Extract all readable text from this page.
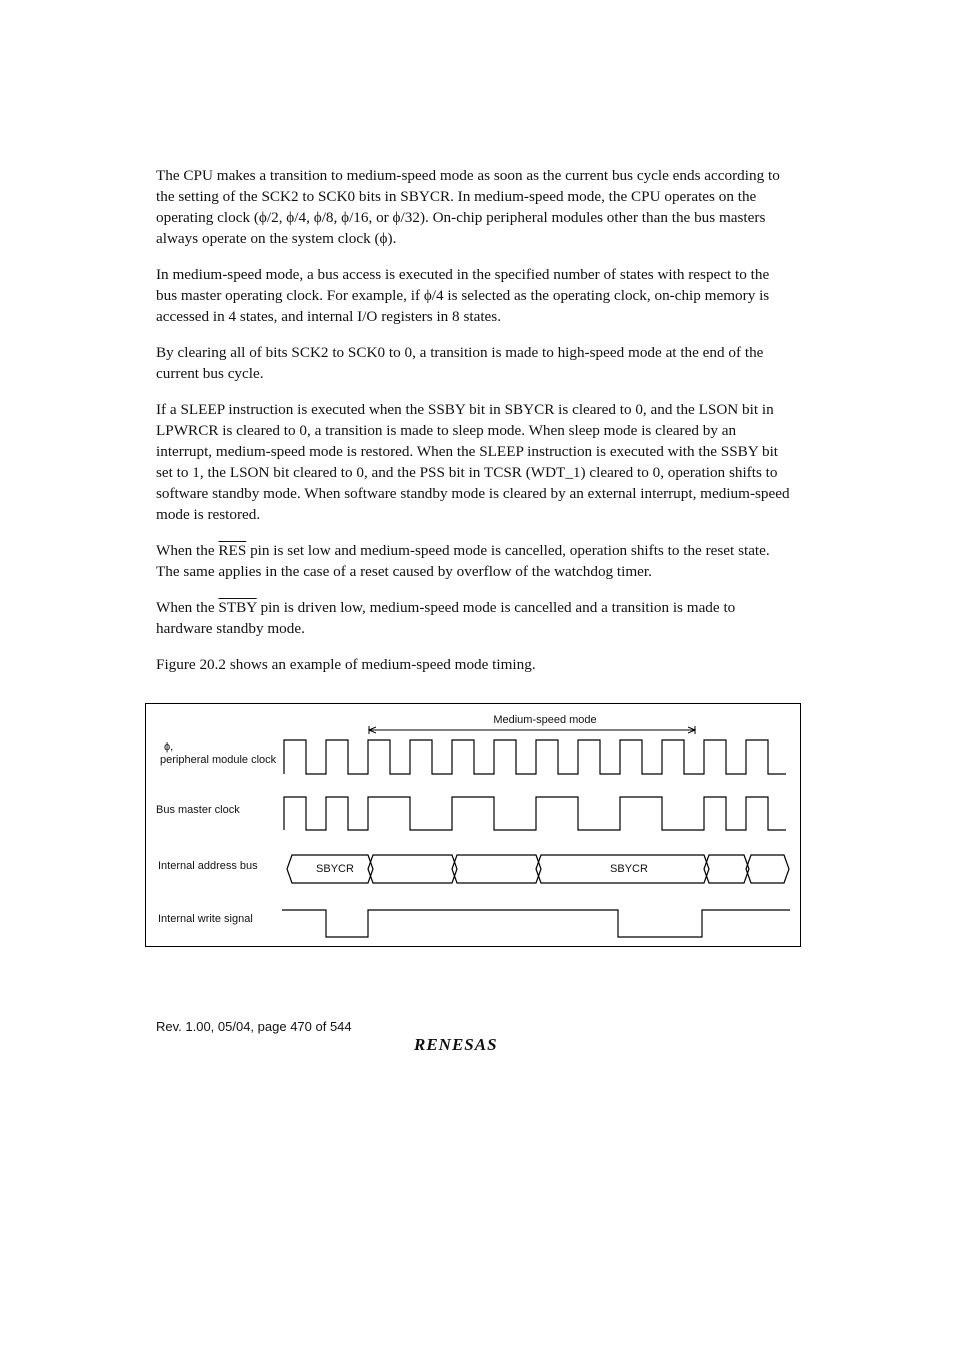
The CPU makes a transition to medium-speed mode as soon as the current bus cycle ends according to the setting of the SCK2 to SCK0 bits in SBYCR. In medium-speed mode, the CPU operates on the operating clock (ϕ/2, ϕ/4, ϕ/8, ϕ/16, or ϕ/32). On-chip peripheral modules other than the bus masters always operate on the system clock (ϕ).

In medium-speed mode, a bus access is executed in the specified number of states with respect to the bus master operating clock. For example, if ϕ/4 is selected as the operating clock, on-chip memory is accessed in 4 states, and internal I/O registers in 8 states.

By clearing all of bits SCK2 to SCK0 to 0, a transition is made to high-speed mode at the end of the current bus cycle.

If a SLEEP instruction is executed when the SSBY bit in SBYCR is cleared to 0, and the LSON bit in LPWRCR is cleared to 0, a transition is made to sleep mode. When sleep mode is cleared by an interrupt, medium-speed mode is restored. When the SLEEP instruction is executed with the SSBY bit set to 1, the LSON bit cleared to 0, and the PSS bit in TCSR (WDT_1) cleared to 0, operation shifts to software standby mode. When software standby mode is cleared by an external interrupt, medium-speed mode is restored.

When the $\overline{RES}$ pin is set low and medium-speed mode is cancelled, operation shifts to the reset state. The same applies in the case of a reset caused by overflow of the watchdog timer.

When the STBY pin is driven low, medium-speed mode is cancelled and a transition is made to hardware standby mode.

Figure 20.2 shows an example of medium-speed mode timing.

Medium-speed mode
ϕ,
peripheral module clock
Bus master clock
Internal address bus
Internal write signal
SBYCR	SBYCR
Rev. 1.00, 05/04, page 470 of 544
RENESAS
